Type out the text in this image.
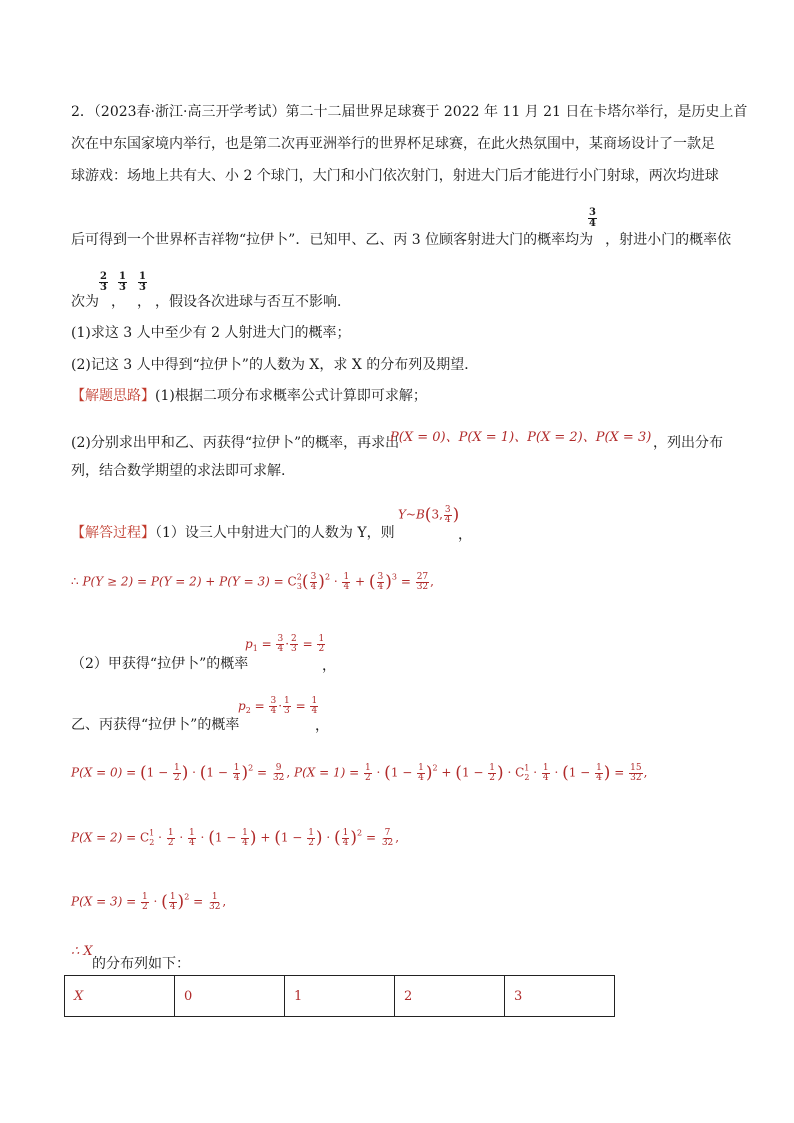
2．（2023春·浙江·高三开学考试）第二十二届世界足球赛于 2022 年 11 月 21 日在卡塔尔举行，是历史上首
次在中东国家境内举行，也是第二次再亚洲举行的世界杯足球赛，在此火热氛围中，某商场设计了一款足
球游戏：场地上共有大、小 2 个球门，大门和小门依次射门，射进大门后才能进行小门射球，两次均进球
3
4
后可得到一个世界杯吉祥物“拉伊卜”．已知甲、乙、丙 3 位顾客射进大门的概率均为 ，射进小门的概率依
2
3
1
3
1
3
次为 ， ， ，假设各次进球与否互不影响．
(1)求这 3 人中至少有 2 人射进大门的概率；
(2)记这 3 人中得到“拉伊卜”的人数为 X，求 X 的分布列及期望．
【解题思路】(1)根据二项分布求概率公式计算即可求解；
(2)分别求出甲和乙、丙获得“拉伊卜”的概率，再求出
P(X = 0)、P(X = 1)、P(X = 2)、P(X = 3) ，列出分布
列，结合数学期望的求法即可求解.
【解答过程】（1）设三人中射进大门的人数为 Y，则
Y~B(3, $\frac{3}{4}$ )
，
∴ $P(Y \ge 2) = P(Y = 2) + P(Y = 3) = C^2_3( \frac{3}{4} )^2 \cdot \frac{1}{4}$ + ( $\frac{3}{4} )^3 = \frac{27}{32}$ ,
$p_1 = \frac{3}{4} \cdot \frac{2}{3} = \frac{1}{2}$
（2）甲获得“拉伊卜”的概率	，
$p_2 = \frac{3}{4} \cdot \frac{1}{3} = \frac{1}{4}$
乙、丙获得“拉伊卜”的概率	，
$P(X = 0) = (1 - \frac{1}{2}$ ) · $(1 - \frac{1}{4} )^2 = \frac{9}{32}$ , $P(X = 1) = \frac{1}{2} \cdot (1 - \frac{1}{4} )^2 + (1 - \frac{1}{2}$ ) · $C^1_2 \cdot \frac{1}{4} \cdot (1 - \frac{1}{4}$ ) = $\frac{15}{32}$ ,
$P(X = 2) = C^1_2 \cdot \frac{1}{2} \cdot \frac{1}{4} \cdot (1 - \frac{1}{4}$ ) + ($1 - \frac{1}{2}$ ) · ( $\frac{1}{4} )^2 = \frac{7}{32}$ ,
$P(X = 3) = \frac{1}{2}$ · ( $\frac{1}{4} )^2 = \frac{1}{32}$ ,
∴ X
的分布列如下：
X	0	1	2	3
